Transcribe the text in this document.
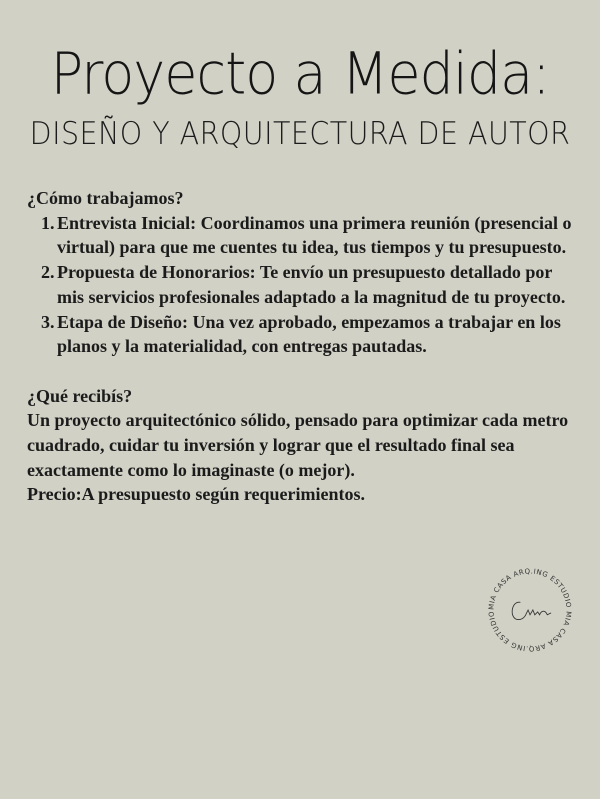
Proyecto a Medida:
DISEÑO Y ARQUITECTURA DE AUTOR

¿Cómo trabajamos?

1. Entrevista Inicial: Coordinamos una primera reunión (presencial o virtual) para que me cuentes tu idea, tus tiempos y tu presupuesto.
2. Propuesta de Honorarios: Te envío un presupuesto detallado por mis servicios profesionales adaptado a la magnitud de tu proyecto.
3. Etapa de Diseño: Una vez aprobado, empezamos a trabajar en los planos y la materialidad, con entregas pautadas.

¿Qué recibís?

Un proyecto arquitectónico sólido, pensado para optimizar cada metro cuadrado, cuidar tu inversión y lograr que el resultado final sea exactamente como lo imaginaste (o mejor).

Precio:A presupuesto según requerimientos.

MIA CASA ARQ.ING ESTUDIO MIA CASA ARQ.ING ESTUDIO
